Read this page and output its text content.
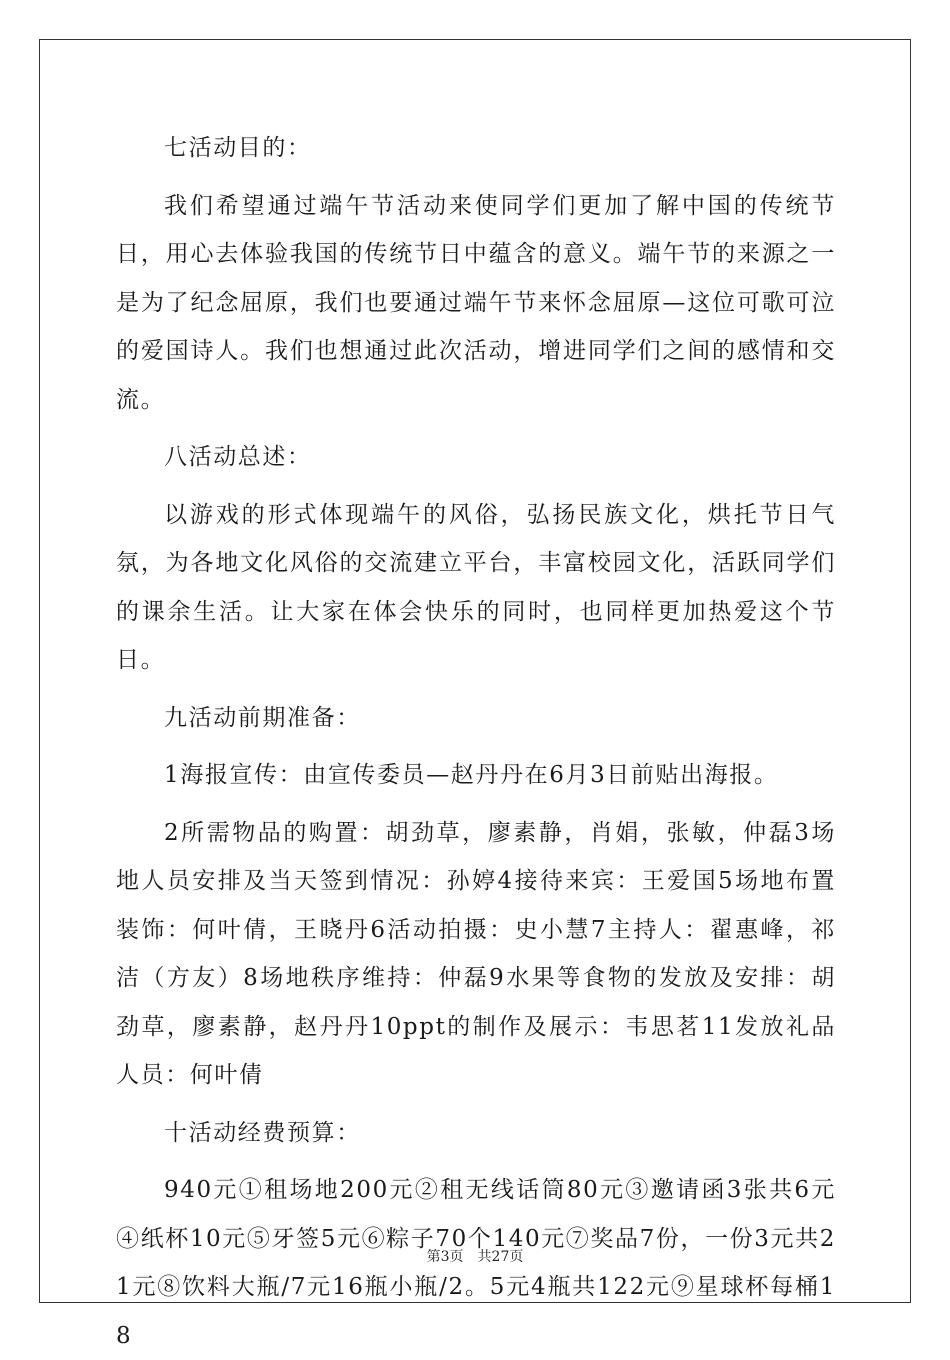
七活动目的：

我们希望通过端午节活动来使同学们更加了解中国的传统节日，用心去体验我国的传统节日中蕴含的意义。端午节的来源之一是为了纪念屈原，我们也要通过端午节来怀念屈原—这位可歌可泣的爱国诗人。我们也想通过此次活动，增进同学们之间的感情和交流。

八活动总述：

以游戏的形式体现端午的风俗，弘扬民族文化，烘托节日气氛，为各地文化风俗的交流建立平台，丰富校园文化，活跃同学们的课余生活。让大家在体会快乐的同时，也同样更加热爱这个节日。

九活动前期准备：

1海报宣传：由宣传委员—赵丹丹在6月3日前贴出海报。

2所需物品的购置：胡劲草，廖素静，肖娟，张敏，仲磊3场地人员安排及当天签到情况：孙婷4接待来宾：王爱国5场地布置装饰：何叶倩，王晓丹6活动拍摄：史小慧7主持人：翟惠峰，祁洁（方友）8场地秩序维持：仲磊9水果等食物的发放及安排：胡劲草，廖素静，赵丹丹10ppt的制作及展示：韦思茗11发放礼品人员：何叶倩

十活动经费预算：

940元①租场地200元②租无线话筒80元③邀请函3张共6元④纸杯10元⑤牙签5元⑥粽子70个140元⑦奖品7份，一份3元共21元⑧饮料大瓶/7元16瓶小瓶/2。5元4瓶共122元⑨星球杯每桶18

第3页　共27页
